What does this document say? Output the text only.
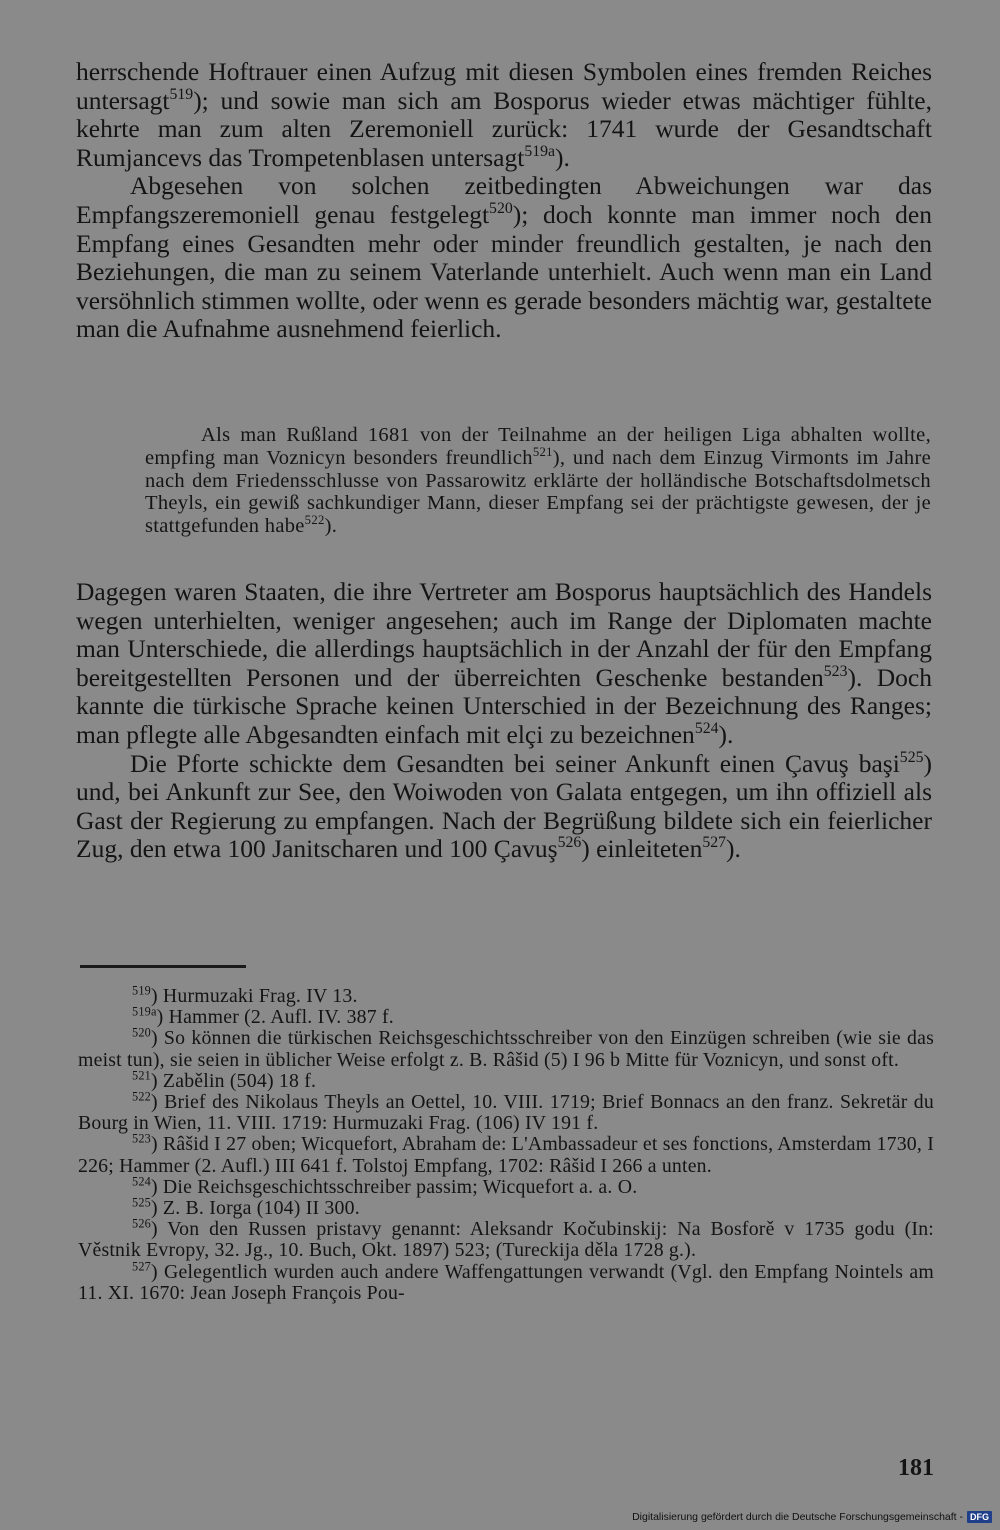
herrschende Hoftrauer einen Aufzug mit diesen Symbolen eines fremden Reiches untersagt$^{519}$); und sowie man sich am Bosporus wieder etwas mächtiger fühlte, kehrte man zum alten Zeremoniell zurück: 1741 wurde der Gesandtschaft Rumjancevs das Trompetenblasen untersagt$^{519a}$).

Abgesehen von solchen zeitbedingten Abweichungen war das Empfangszeremoniell genau festgelegt$^{520}$); doch konnte man immer noch den Empfang eines Gesandten mehr oder minder freundlich gestalten, je nach den Beziehungen, die man zu seinem Vaterlande unterhielt. Auch wenn man ein Land versöhnlich stimmen wollte, oder wenn es gerade besonders mächtig war, gestaltete man die Aufnahme ausnehmend feierlich.

Als man Rußland 1681 von der Teilnahme an der heiligen Liga abhalten wollte, empfing man Voznicyn besonders freundlich$^{521}$), und nach dem Einzug Virmonts im Jahre nach dem Friedensschlusse von Passarowitz erklärte der holländische Botschaftsdolmetsch Theyls, ein gewiß sachkundiger Mann, dieser Empfang sei der prächtigste gewesen, der je stattgefunden habe$^{522}$).

Dagegen waren Staaten, die ihre Vertreter am Bosporus hauptsächlich des Handels wegen unterhielten, weniger angesehen; auch im Range der Diplomaten machte man Unterschiede, die allerdings hauptsächlich in der Anzahl der für den Empfang bereitgestellten Personen und der überreichten Geschenke bestanden$^{523}$). Doch kannte die türkische Sprache keinen Unterschied in der Bezeichnung des Ranges; man pflegte alle Abgesandten einfach mit elçi zu bezeichnen$^{524}$).

Die Pforte schickte dem Gesandten bei seiner Ankunft einen Çavuş başi$^{525}$) und, bei Ankunft zur See, den Woiwoden von Galata entgegen, um ihn offiziell als Gast der Regierung zu empfangen. Nach der Begrüßung bildete sich ein feierlicher Zug, den etwa 100 Janitscharen und 100 Çavuş$^{526}$) einleiteten$^{527}$).

$^{519}$) Hurmuzaki Frag. IV 13.

$^{519a}$) Hammer (2. Aufl. IV. 387 f.

$^{520}$) So können die türkischen Reichsgeschichtsschreiber von den Einzügen schreiben (wie sie das meist tun), sie seien in üblicher Weise erfolgt z. B. Râšid (5) I 96 b Mitte für Voznicyn, und sonst oft.

$^{521}$) Zabělin (504) 18 f.

$^{522}$) Brief des Nikolaus Theyls an Oettel, 10. VIII. 1719; Brief Bonnacs an den franz. Sekretär du Bourg in Wien, 11. VIII. 1719: Hurmuzaki Frag. (106) IV 191 f.

$^{523}$) Râšid I 27 oben; Wicquefort, Abraham de: L'Ambassadeur et ses fonctions, Amsterdam 1730, I 226; Hammer (2. Aufl.) III 641 f. Tolstoj Empfang, 1702: Râšid I 266 a unten.

$^{524}$) Die Reichsgeschichtsschreiber passim; Wicquefort a. a. O.

$^{525}$) Z. B. Iorga (104) II 300.

$^{526}$) Von den Russen pristavy genannt: Aleksandr Kočubinskij: Na Bosforě v 1735 godu (In: Věstnik Evropy, 32. Jg., 10. Buch, Okt. 1897) 523; (Tureckija děla 1728 g.).

$^{527}$) Gelegentlich wurden auch andere Waffengattungen verwandt (Vgl. den Empfang Nointels am 11. XI. 1670: Jean Joseph François Pou-

181
Digitalisierung gefördert durch die Deutsche Forschungsgemeinschaft - DFG
